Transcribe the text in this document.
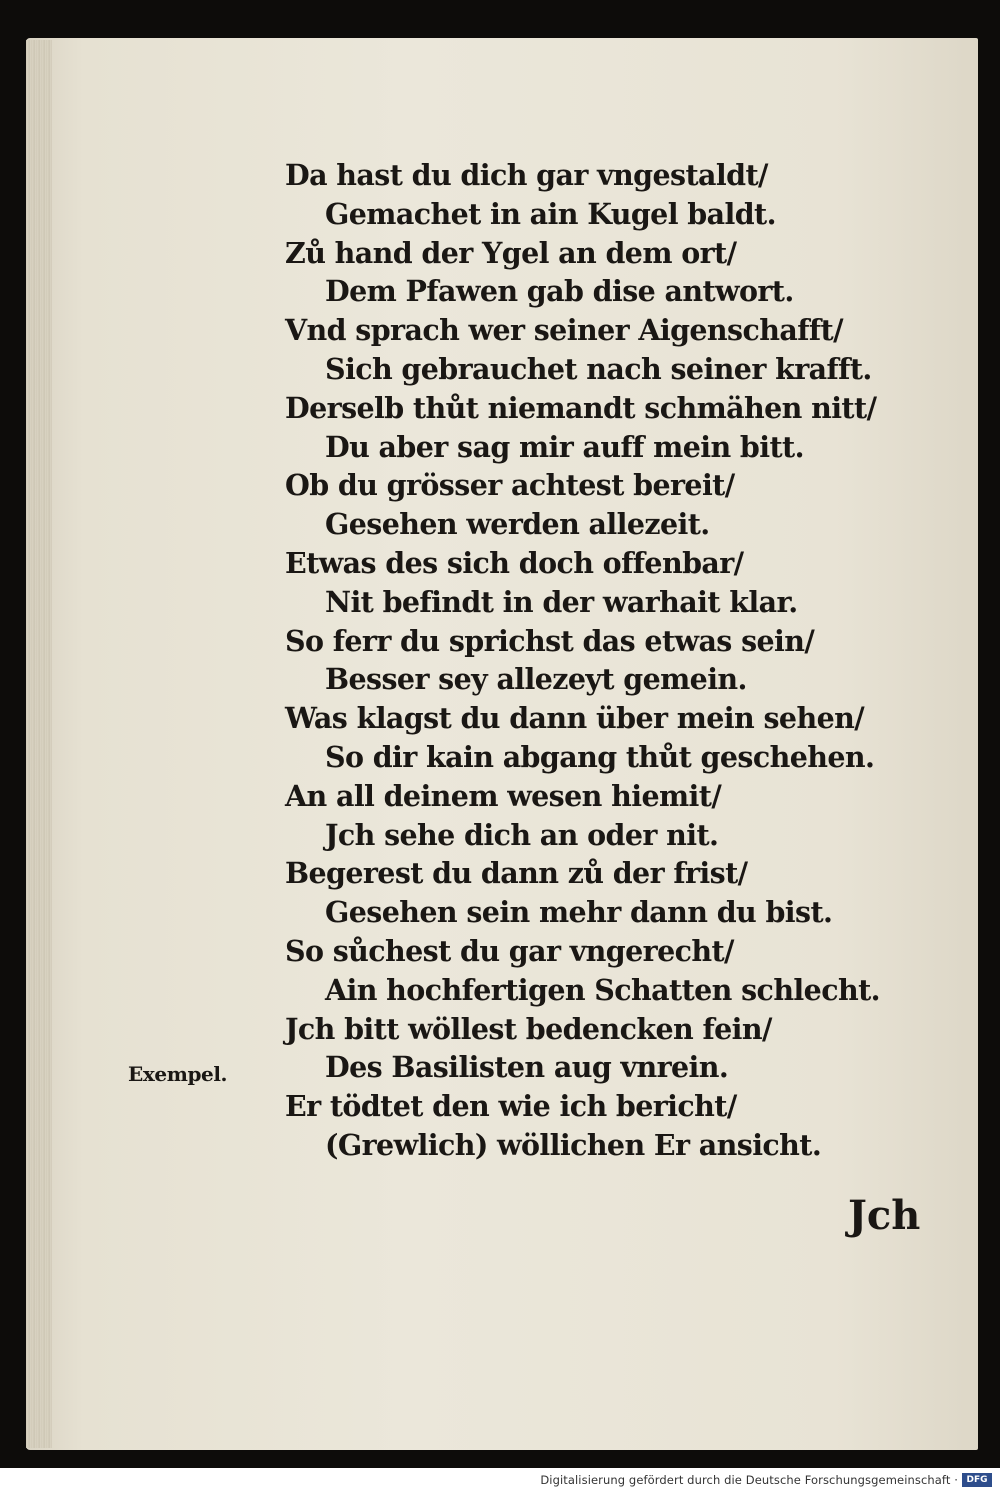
Da hast du dich gar vngestaldt/
Gemachet in ain Kugel baldt.
Zů hand der Ygel an dem ort/
Dem Pfawen gab dise antwort.
Vnd sprach wer seiner Aigenschafft/
Sich gebrauchet nach seiner krafft.
Derselb thůt niemandt schmähen nitt/
Du aber sag mir auff mein bitt.
Ob du grösser achtest bereit/
Gesehen werden allezeit.
Etwas des sich doch offenbar/
Nit befindt in der warhait klar.
So ferr du sprichst das etwas sein/
Besser sey allezeyt gemein.
Was klagst du dann über mein sehen/
So dir kain abgang thůt geschehen.
An all deinem wesen hiemit/
Jch sehe dich an oder nit.
Begerest du dann zů der frist/
Gesehen sein mehr dann du bist.
So sůchest du gar vngerecht/
Ain hochfertigen Schatten schlecht.
Jch bitt wöllest bedencken fein/
Des Basilisten aug vnrein.
Er tödtet den wie ich bericht/
(Grewlich) wöllichen Er ansicht.
Exempel.
Jch
Digitalisierung gefördert durch die Deutsche Forschungsgemeinschaft · DFG
